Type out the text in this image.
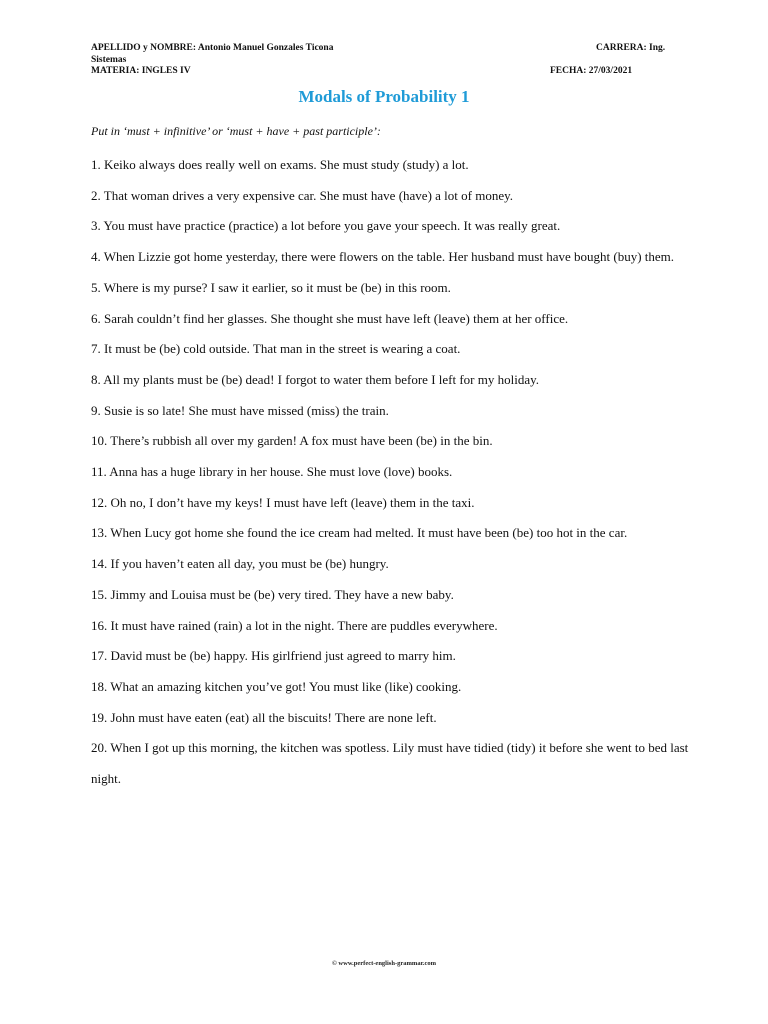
APELLIDO y NOMBRE: Antonio Manuel Gonzales Ticona	CARRERA: Ing.
Sistemas
MATERIA: INGLES IV	FECHA: 27/03/2021
Modals of Probability 1
Put in ‘must + infinitive’ or ‘must + have + past participle’:

1. Keiko always does really well on exams. She must study (study) a lot.

2. That woman drives a very expensive car. She must have (have) a lot of money.

3. You must have practice (practice) a lot before you gave your speech. It was really great.

4. When Lizzie got home yesterday, there were flowers on the table. Her husband must have bought (buy) them.

5. Where is my purse? I saw it earlier, so it must be (be) in this room.

6. Sarah couldn’t find her glasses. She thought she must have left (leave) them at her office.

7. It must be (be) cold outside. That man in the street is wearing a coat.

8. All my plants must be (be) dead! I forgot to water them before I left for my holiday.

9. Susie is so late! She must have missed (miss) the train.

10. There’s rubbish all over my garden! A fox must have been (be) in the bin.

11. Anna has a huge library in her house. She must love (love) books.

12. Oh no, I don’t have my keys! I must have left (leave) them in the taxi.

13. When Lucy got home she found the ice cream had melted. It must have been (be) too hot in the car.

14. If you haven’t eaten all day, you must be (be) hungry.

15. Jimmy and Louisa must be (be) very tired. They have a new baby.

16. It must have rained (rain) a lot in the night. There are puddles everywhere.

17. David must be (be) happy. His girlfriend just agreed to marry him.

18. What an amazing kitchen you’ve got! You must like (like) cooking.

19. John must have eaten (eat) all the biscuits! There are none left.

20. When I got up this morning, the kitchen was spotless. Lily must have tidied (tidy) it before she went to bed last night.

© www.perfect-english-grammar.com
